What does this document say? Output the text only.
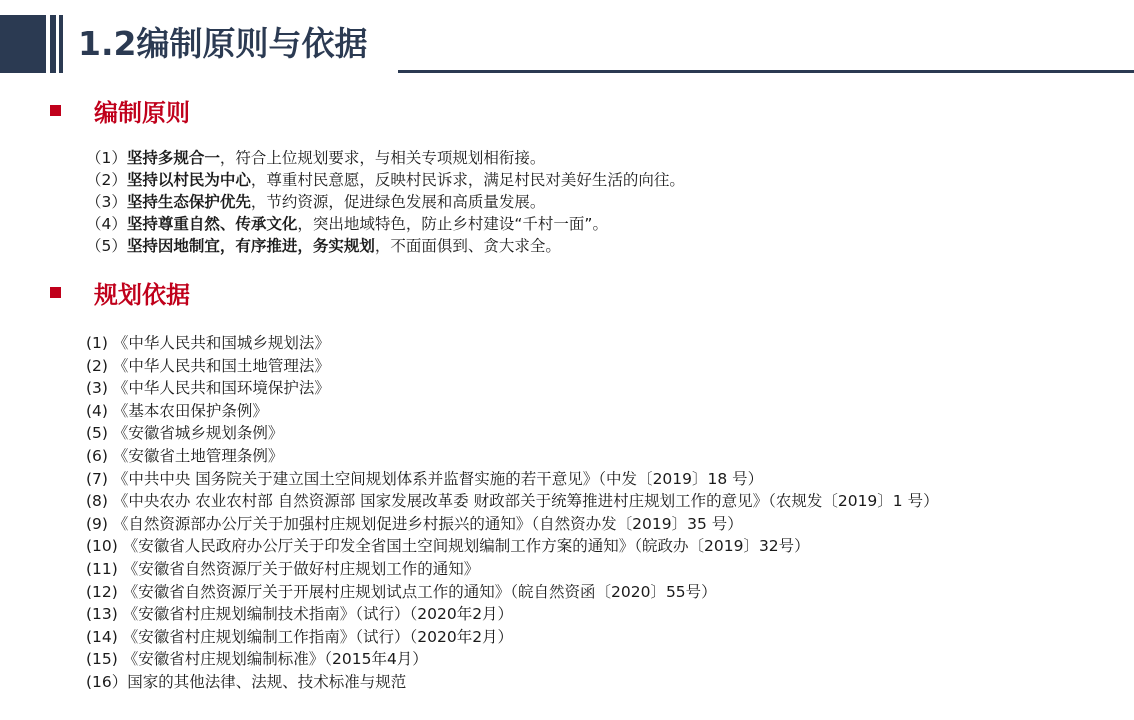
1.2编制原则与依据
编制原则
（1）坚持多规合一，符合上位规划要求，与相关专项规划相衔接。
（2）坚持以村民为中心，尊重村民意愿，反映村民诉求，满足村民对美好生活的向往。
（3）坚持生态保护优先，节约资源，促进绿色发展和高质量发展。
（4）坚持尊重自然、传承文化，突出地域特色，防止乡村建设“千村一面”。
（5）坚持因地制宜，有序推进，务实规划，不面面俱到、贪大求全。
规划依据
(1) 《中华人民共和国城乡规划法》
(2) 《中华人民共和国土地管理法》
(3) 《中华人民共和国环境保护法》
(4) 《基本农田保护条例》
(5) 《安徽省城乡规划条例》
(6) 《安徽省土地管理条例》
(7) 《中共中央 国务院关于建立国土空间规划体系并监督实施的若干意见》（中发〔2019〕18 号）
(8) 《中央农办 农业农村部 自然资源部 国家发展改革委 财政部关于统筹推进村庄规划工作的意见》（农规发〔2019〕1 号）
(9) 《自然资源部办公厅关于加强村庄规划促进乡村振兴的通知》（自然资办发〔2019〕35 号）
(10) 《安徽省人民政府办公厅关于印发全省国土空间规划编制工作方案的通知》（皖政办〔2019〕32号）
(11) 《安徽省自然资源厅关于做好村庄规划工作的通知》
(12) 《安徽省自然资源厅关于开展村庄规划试点工作的通知》（皖自然资函〔2020〕55号）
(13) 《安徽省村庄规划编制技术指南》（试行）（2020年2月）
(14) 《安徽省村庄规划编制工作指南》（试行）（2020年2月）
(15) 《安徽省村庄规划编制标准》（2015年4月）
(16）国家的其他法律、法规、技术标准与规范
